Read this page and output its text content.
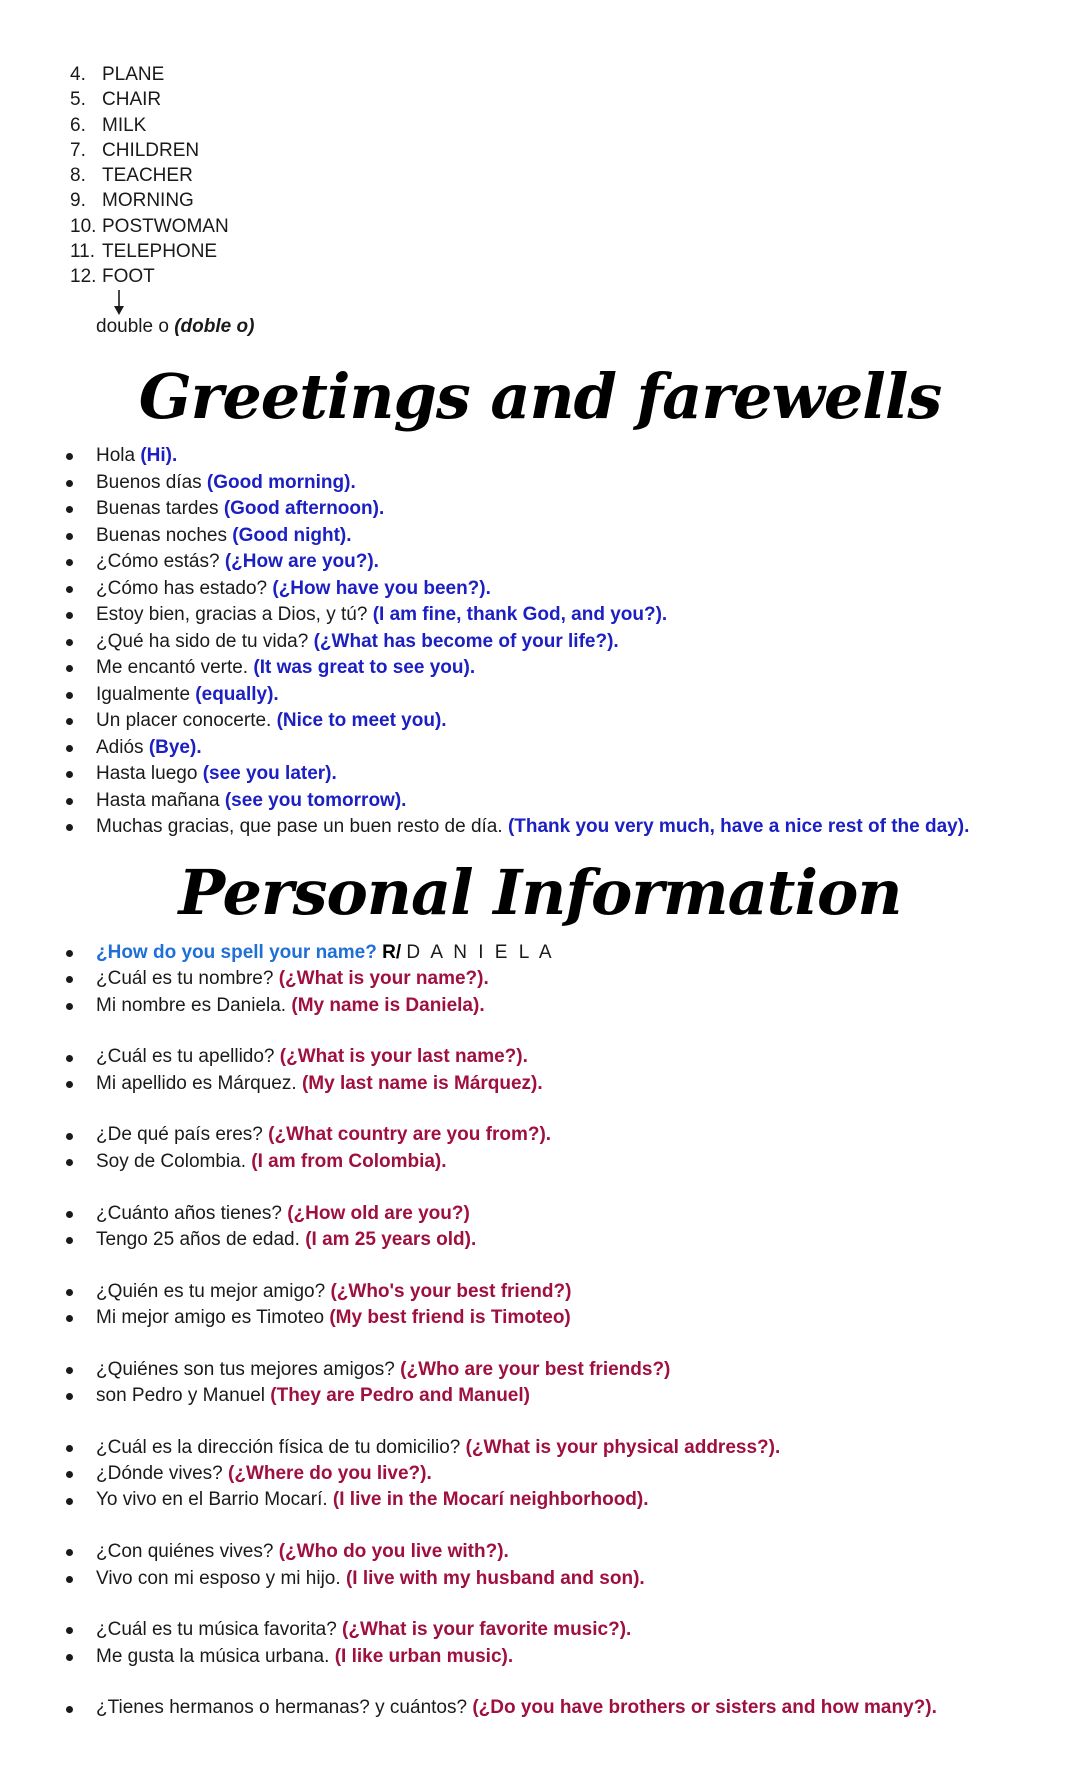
4. PLANE
5. CHAIR
6. MILK
7. CHILDREN
8. TEACHER
9. MORNING
10. POSTWOMAN
11. TELEPHONE
12. FOOT
double o (doble o)
Greetings and farewells
Hola (Hi).
Buenos días (Good morning).
Buenas tardes (Good afternoon).
Buenas noches (Good night).
¿Cómo estás? (¿How are you?).
¿Cómo has estado? (¿How have you been?).
Estoy bien, gracias a Dios, y tú? (I am fine, thank God, and you?).
¿Qué ha sido de tu vida? (¿What has become of your life?).
Me encantó verte. (It was great to see you).
Igualmente (equally).
Un placer conocerte. (Nice to meet you).
Adiós (Bye).
Hasta luego (see you later).
Hasta mañana (see you tomorrow).
Muchas gracias, que pase un buen resto de día. (Thank you very much, have a nice rest of the day).
Personal Information
¿How do you spell your name? R/ D A N I E L A
¿Cuál es tu nombre? (¿What is your name?).
Mi nombre es Daniela. (My name is Daniela).
¿Cuál es tu apellido? (¿What is your last name?).
Mi apellido es Márquez. (My last name is Márquez).
¿De qué país eres? (¿What country are you from?).
Soy de Colombia. (I am from Colombia).
¿Cuánto años tienes? (¿How old are you?)
Tengo 25 años de edad. (I am 25 years old).
¿Quién es tu mejor amigo? (¿Who's your best friend?)
Mi mejor amigo es Timoteo (My best friend is Timoteo)
¿Quiénes son tus mejores amigos? (¿Who are your best friends?)
son Pedro y Manuel (They are Pedro and Manuel)
¿Cuál es la dirección física de tu domicilio? (¿What is your physical address?).
¿Dónde vives? (¿Where do you live?).
Yo vivo en el Barrio Mocarí. (I live in the Mocarí neighborhood).
¿Con quiénes vives? (¿Who do you live with?).
Vivo con mi esposo y mi hijo. (I live with my husband and son).
¿Cuál es tu música favorita? (¿What is your favorite music?).
Me gusta la música urbana. (I like urban music).
¿Tienes hermanos o hermanas? y cuántos? (¿Do you have brothers or sisters and how many?).
